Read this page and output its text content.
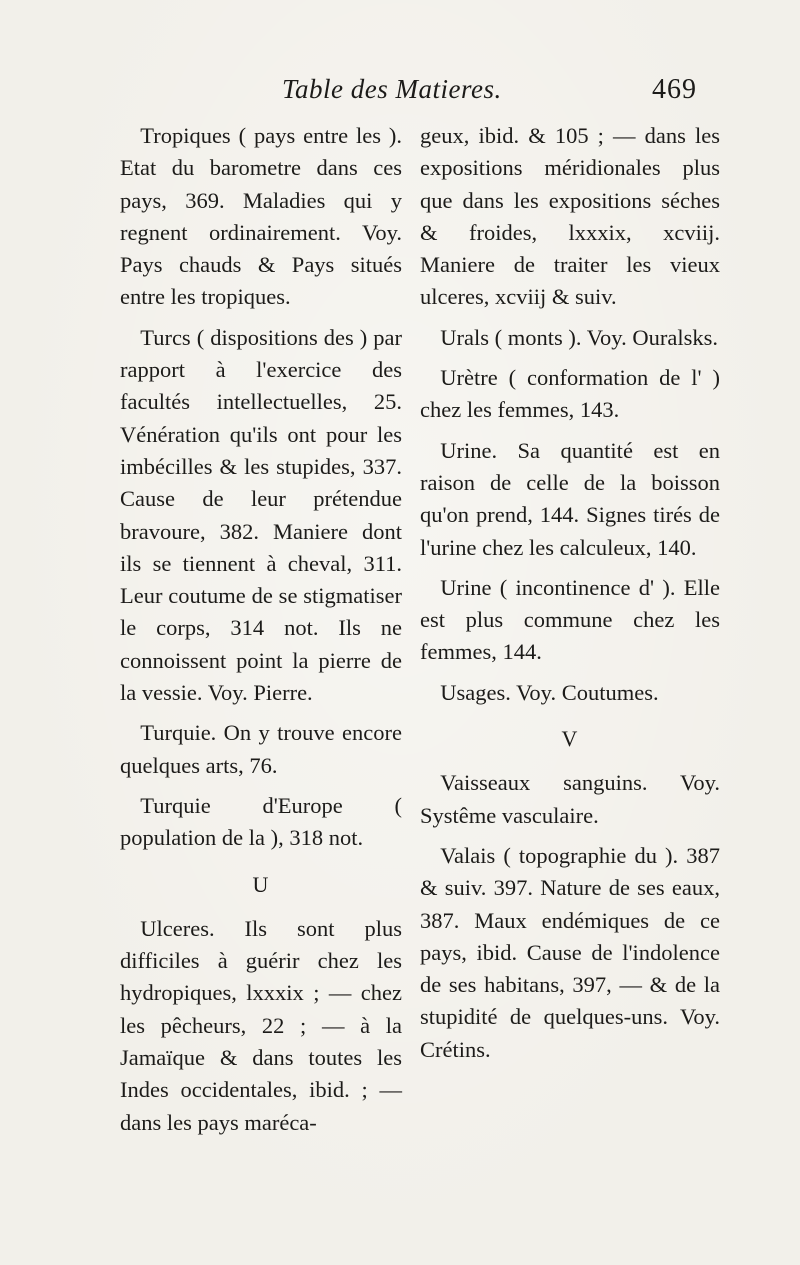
Table des Matieres.	469

Tropiques ( pays entre les ). Etat du barometre dans ces pays, 369. Maladies qui y regnent ordinairement. Voy. Pays chauds & Pays situés entre les tropiques.

Turcs ( dispositions des ) par rapport à l'exercice des facultés intellectuelles, 25. Vénération qu'ils ont pour les imbécilles & les stupides, 337. Cause de leur prétendue bravoure, 382. Maniere dont ils se tiennent à cheval, 311. Leur coutume de se stigmatiser le corps, 314 not. Ils ne connoissent point la pierre de la vessie. Voy. Pierre.

Turquie. On y trouve encore quelques arts, 76.

Turquie d'Europe ( population de la ), 318 not.

U

Ulceres. Ils sont plus difficiles à guérir chez les hydropiques, lxxxix ; — chez les pêcheurs, 22 ; — à la Jamaïque & dans toutes les Indes occidentales, ibid. ; — dans les pays maréca-

geux, ibid. & 105 ; — dans les expositions méridionales plus que dans les expositions séches & froides, lxxxix, xcviij. Maniere de traiter les vieux ulceres, xcviij & suiv.

Urals ( monts ). Voy. Ouralsks.

Urètre ( conformation de l' ) chez les femmes, 143.

Urine. Sa quantité est en raison de celle de la boisson qu'on prend, 144. Signes tirés de l'urine chez les calculeux, 140.

Urine ( incontinence d' ). Elle est plus commune chez les femmes, 144.

Usages. Voy. Coutumes.

V

Vaisseaux sanguins. Voy. Systême vasculaire.

Valais ( topographie du ). 387 & suiv. 397. Nature de ses eaux, 387. Maux endémiques de ce pays, ibid. Cause de l'indolence de ses habitans, 397, — & de la stupidité de quelques-uns. Voy. Crétins.
